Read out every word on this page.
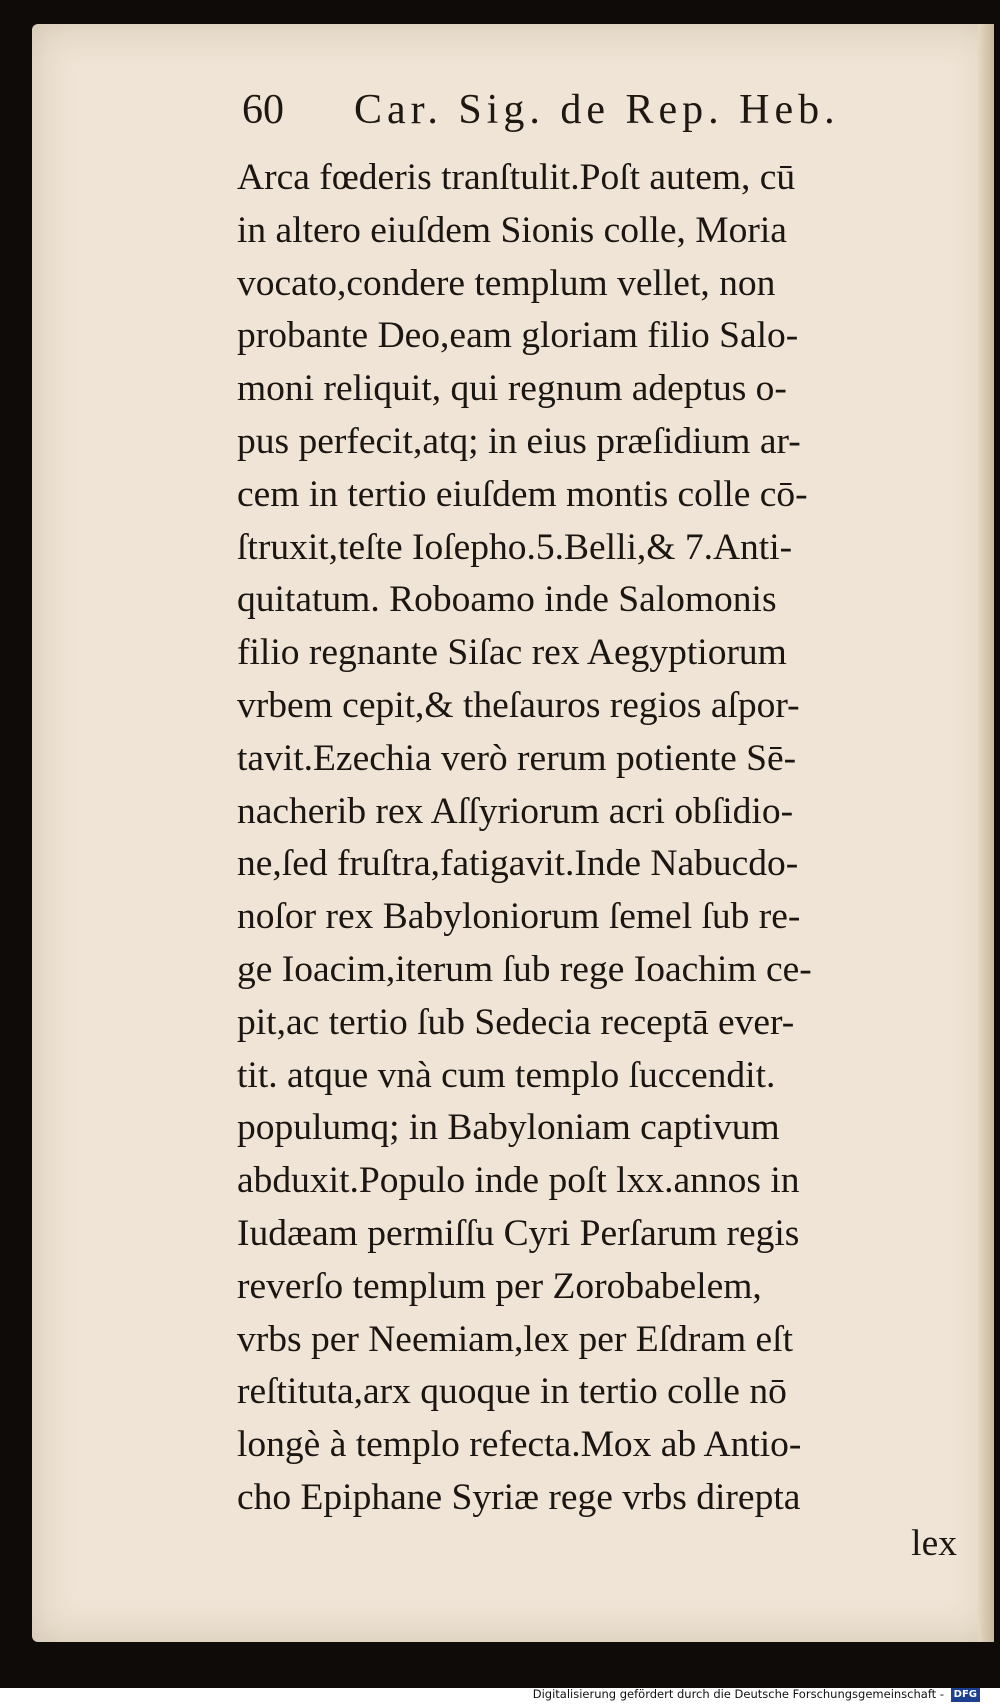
60 Car. Sig. de Rep. Heb.
Arca fœderis tranſtulit.Poſt autem, cū
in altero eiuſdem Sionis colle, Moria
vocato,condere templum vellet, non
probante Deo,eam gloriam filio Salo-
moni reliquit, qui regnum adeptus o-
pus perfecit,atq; in eius præſidium ar-
cem in tertio eiuſdem montis colle cō-
ſtruxit,teſte Ioſepho.5.Belli,& 7.Anti-
quitatum. Roboamo inde Salomonis
filio regnante Siſac rex Aegyptiorum
vrbem cepit,& theſauros regios aſpor-
tavit.Ezechia verò rerum potiente Sē-
nacherib rex Aſſyriorum acri obſidio-
ne,ſed fruſtra,fatigavit.Inde Nabucdo-
noſor rex Babyloniorum ſemel ſub re-
ge Ioacim,iterum ſub rege Ioachim ce-
pit,ac tertio ſub Sedecia receptā ever-
tit. atque vnà cum templo ſuccendit.
populumq; in Babyloniam captivum
abduxit.Populo inde poſt lxx.annos in
Iudæam permiſſu Cyri Perſarum regis
reverſo templum per Zorobabelem,
vrbs per Neemiam,lex per Eſdram eſt
reſtituta,arx quoque in tertio colle nō
longè à templo refecta.Mox ab Antio-
cho Epiphane Syriæ rege vrbs direpta
lex
Digitalisierung gefördert durch die Deutsche Forschungsgemeinschaft - DFG
